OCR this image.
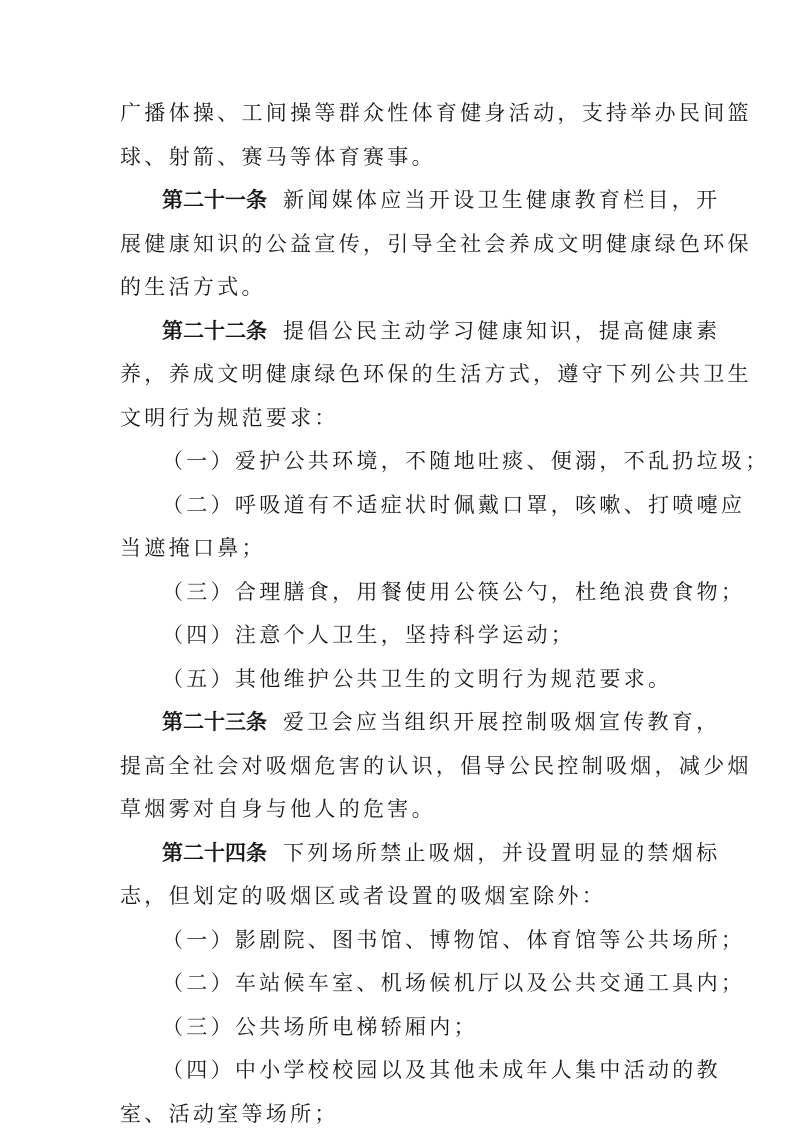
广播体操、工间操等群众性体育健身活动，支持举办民间篮
球、射箭、赛马等体育赛事。
第二十一条 新闻媒体应当开设卫生健康教育栏目，开
展健康知识的公益宣传，引导全社会养成文明健康绿色环保
的生活方式。
第二十二条 提倡公民主动学习健康知识，提高健康素
养，养成文明健康绿色环保的生活方式，遵守下列公共卫生
文明行为规范要求：
（一）爱护公共环境，不随地吐痰、便溺，不乱扔垃圾；
（二）呼吸道有不适症状时佩戴口罩，咳嗽、打喷嚏应
当遮掩口鼻；
（三）合理膳食，用餐使用公筷公勺，杜绝浪费食物；
（四）注意个人卫生，坚持科学运动；
（五）其他维护公共卫生的文明行为规范要求。
第二十三条 爱卫会应当组织开展控制吸烟宣传教育，
提高全社会对吸烟危害的认识，倡导公民控制吸烟，减少烟
草烟雾对自身与他人的危害。
第二十四条 下列场所禁止吸烟，并设置明显的禁烟标
志，但划定的吸烟区或者设置的吸烟室除外：
（一）影剧院、图书馆、博物馆、体育馆等公共场所；
（二）车站候车室、机场候机厅以及公共交通工具内；
（三）公共场所电梯轿厢内；
（四）中小学校校园以及其他未成年人集中活动的教
室、活动室等场所；
